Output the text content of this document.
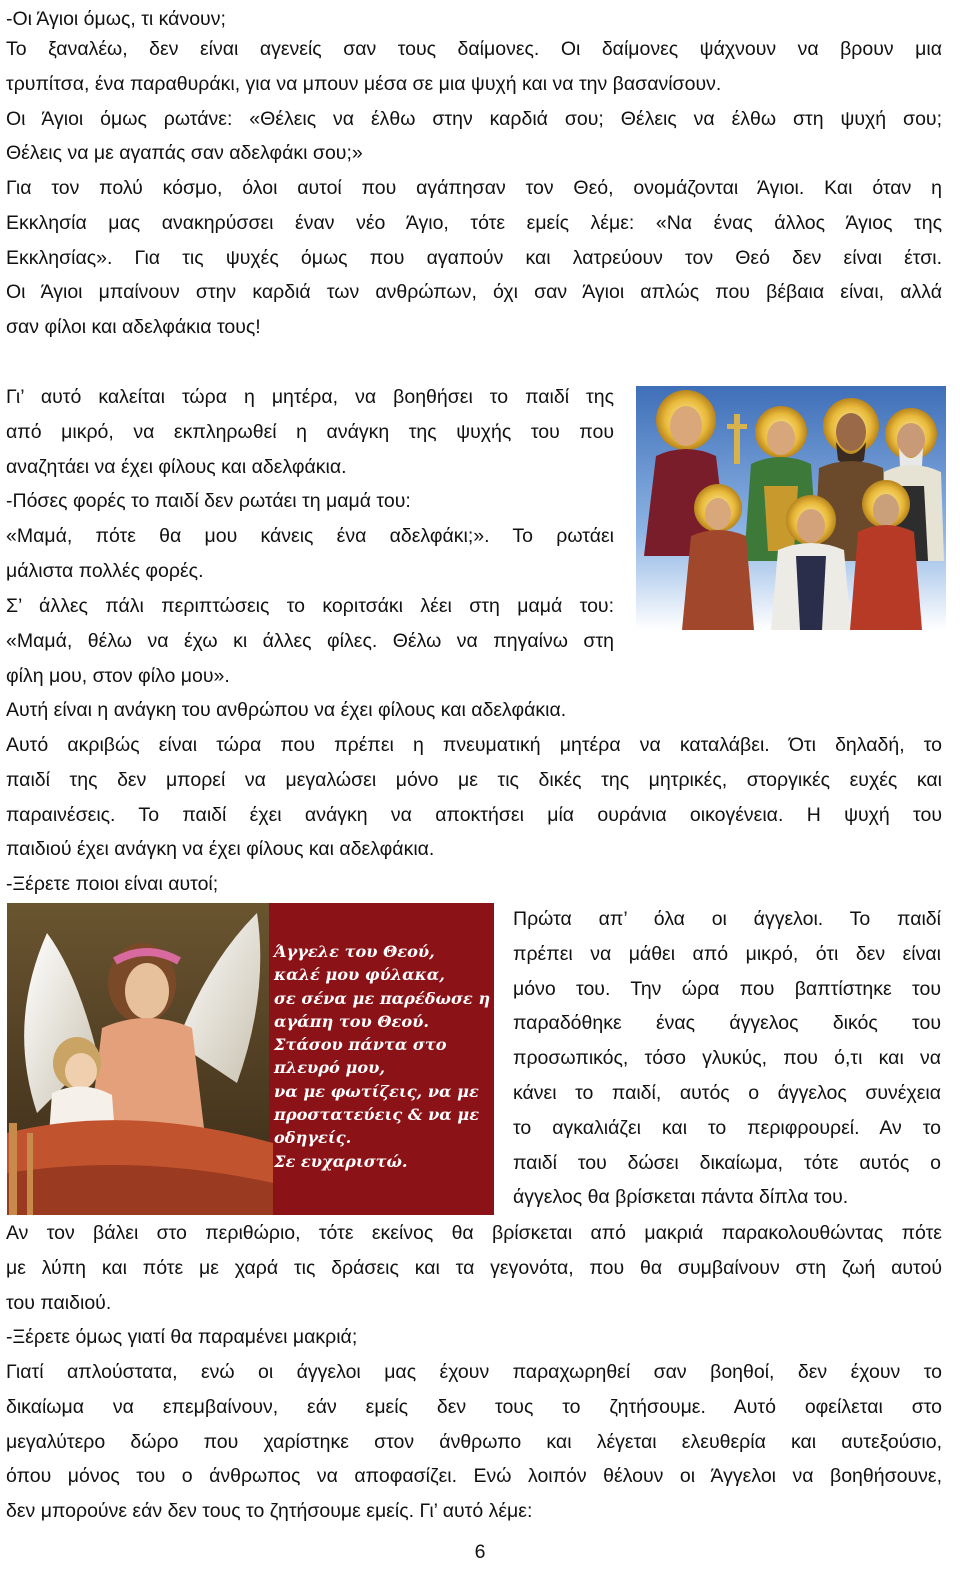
-Οι Άγιοι όμως, τι κάνουν;
Το ξαναλέω, δεν είναι αγενείς σαν τους δαίμονες. Οι δαίμονες ψάχνουν να βρουν μια
τρυπίτσα, ένα παραθυράκι, για να μπουν μέσα σε μια ψυχή και να την βασανίσουν.
Οι Άγιοι όμως ρωτάνε: «Θέλεις να έλθω στην καρδιά σου; Θέλεις να έλθω στη ψυχή σου;
Θέλεις να με αγαπάς σαν αδελφάκι σου;»
Για τον πολύ κόσμο, όλοι αυτοί που αγάπησαν τον Θεό, ονομάζονται Άγιοι. Και όταν η
Εκκλησία μας ανακηρύσσει έναν νέο Άγιο, τότε εμείς λέμε: «Να ένας άλλος Άγιος της
Εκκλησίας». Για τις ψυχές όμως που αγαπούν και λατρεύουν τον Θεό δεν είναι έτσι.
Οι Άγιοι μπαίνουν στην καρδιά των ανθρώπων, όχι σαν Άγιοι απλώς που βέβαια είναι, αλλά
σαν φίλοι και αδελφάκια τους!
Γι’ αυτό καλείται τώρα η μητέρα, να βοηθήσει το παιδί της
από μικρό, να εκπληρωθεί η ανάγκη της ψυχής του που
αναζητάει να έχει φίλους και αδελφάκια.
-Πόσες φορές το παιδί δεν ρωτάει τη μαμά του:
«Μαμά, πότε θα μου κάνεις ένα αδελφάκι;». Το ρωτάει
μάλιστα πολλές φορές.
Σ’ άλλες πάλι περιπτώσεις το κοριτσάκι λέει στη μαμά του:
«Μαμά, θέλω να έχω κι άλλες φίλες. Θέλω να πηγαίνω στη
φίλη μου, στον φίλο μου».
Αυτή είναι η ανάγκη του ανθρώπου να έχει φίλους και αδελφάκια.
Αυτό ακριβώς είναι τώρα που πρέπει η πνευματική μητέρα να καταλάβει. Ότι δηλαδή, το
παιδί της δεν μπορεί να μεγαλώσει μόνο με τις δικές της μητρικές, στοργικές ευχές και
παραινέσεις. Το παιδί έχει ανάγκη να αποκτήσει μία ουράνια οικογένεια. Η ψυχή του
παιδιού έχει ανάγκη να έχει φίλους και αδελφάκια.
-Ξέρετε ποιοι είναι αυτοί;
Πρώτα απ’ όλα οι άγγελοι. Το παιδί
πρέπει να μάθει από μικρό, ότι δεν είναι
μόνο του. Την ώρα που βαπτίστηκε του
παραδόθηκε ένας άγγελος δικός του
προσωπικός, τόσο γλυκύς, που ό,τι και να
κάνει το παιδί, αυτός ο άγγελος συνέχεια
το αγκαλιάζει και το περιφρουρεί. Αν το
παιδί του δώσει δικαίωμα, τότε αυτός ο
άγγελος θα βρίσκεται πάντα δίπλα του.
Αν τον βάλει στο περιθώριο, τότε εκείνος θα βρίσκεται από μακριά παρακολουθώντας πότε
με λύπη και πότε με χαρά τις δράσεις και τα γεγονότα, που θα συμβαίνουν στη ζωή αυτού
του παιδιού.
-Ξέρετε όμως γιατί θα παραμένει μακριά;
Γιατί απλούστατα, ενώ οι άγγελοι μας έχουν παραχωρηθεί σαν βοηθοί, δεν έχουν το
δικαίωμα να επεμβαίνουν, εάν εμείς δεν τους το ζητήσουμε. Αυτό οφείλεται στο
μεγαλύτερο δώρο που χαρίστηκε στον άνθρωπο και λέγεται ελευθερία και αυτεξούσιο,
όπου μόνος του ο άνθρωπος να αποφασίζει. Ενώ λοιπόν θέλουν οι Άγγελοι να βοηθήσουνε,
δεν μπορούνε εάν δεν τους το ζητήσουμε εμείς. Γι’ αυτό λέμε:
Άγγελε του Θεού,
καλέ μου φύλακα,
σε σένα με παρέδωσε η
αγάπη του Θεού.
Στάσου πάντα στο
πλευρό μου,
να με φωτίζεις, να με
προστατεύεις & να με
οδηγείς.
Σε ευχαριστώ.
6
